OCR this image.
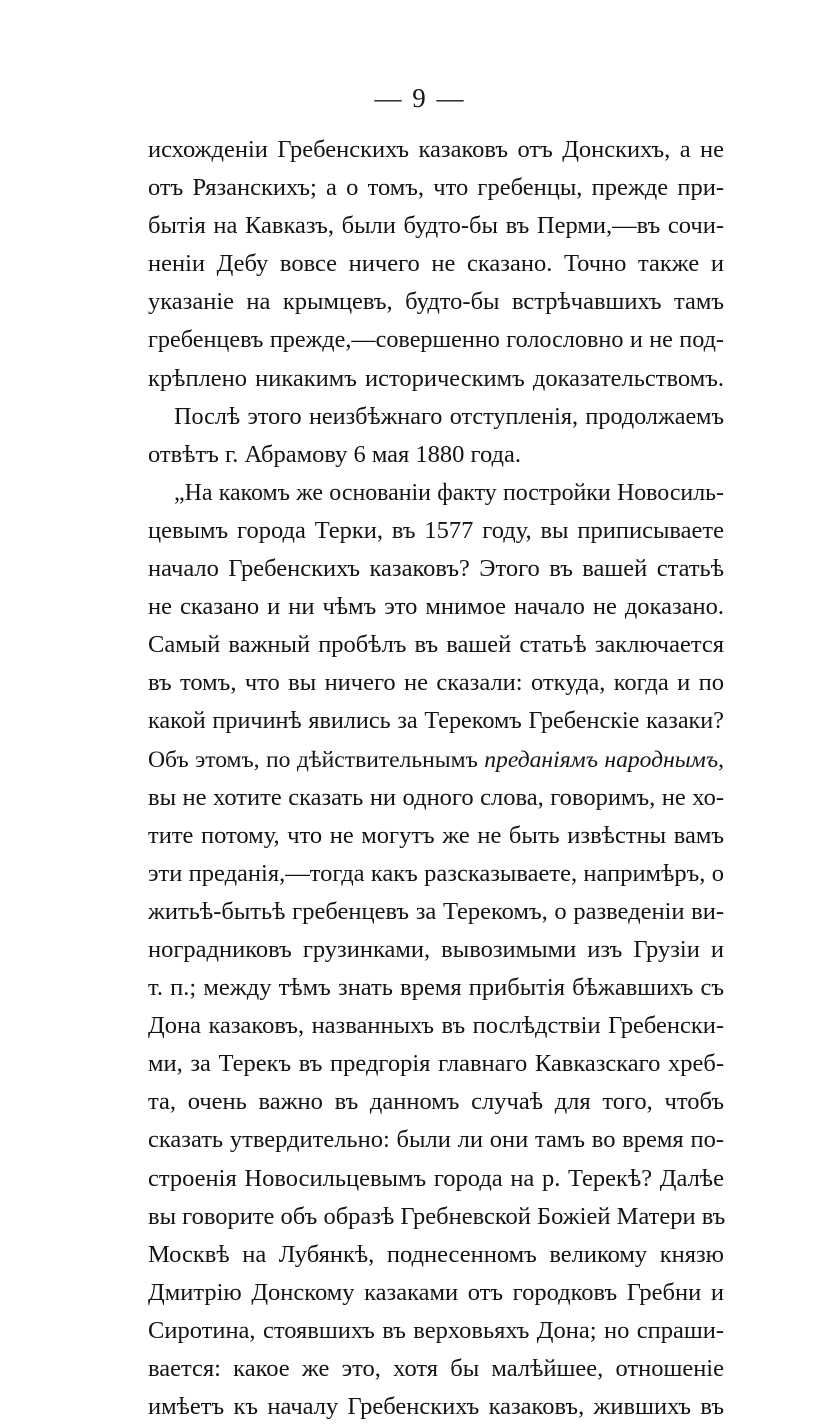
— 9 —
исхожденіи Гребенскихъ казаковъ отъ Донскихъ, а не
отъ Рязанскихъ; а о томъ, что гребенцы, прежде при-
бытія на Кавказъ, были будто-бы въ Перми,—въ сочи-
неніи Дебу вовсе ничего не сказано. Точно также и
указаніе на крымцевъ, будто-бы встрѣчавшихъ тамъ
гребенцевъ прежде,—совершенно голословно и не под-
крѣплено никакимъ историческимъ доказательствомъ.
Послѣ этого неизбѣжнаго отступленія, продолжаемъ
отвѣтъ г. Абрамову 6 мая 1880 года.
„На какомъ же основаніи факту постройки Новосиль-
цевымъ города Терки, въ 1577 году, вы приписываете
начало Гребенскихъ казаковъ? Этого въ вашей статьѣ
не сказано и ни чѣмъ это мнимое начало не доказано.
Самый важный пробѣлъ въ вашей статьѣ заключается
въ томъ, что вы ничего не сказали: откуда, когда и по
какой причинѣ явились за Терекомъ Гребенскіе казаки?
Объ этомъ, по дѣйствительнымъ преданіямъ народнымъ,
вы не хотите сказать ни одного слова, говоримъ, не хо-
тите потому, что не могутъ же не быть извѣстны вамъ
эти преданія,—тогда какъ разсказываете, напримѣръ, о
житьѣ-бытьѣ гребенцевъ за Терекомъ, о разведеніи ви-
ноградниковъ грузинками, вывозимыми изъ Грузіи и
т. п.; между тѣмъ знать время прибытія бѣжавшихъ съ
Дона казаковъ, названныхъ въ послѣдствіи Гребенски-
ми, за Терекъ въ предгорія главнаго Кавказскаго хреб-
та, очень важно въ данномъ случаѣ для того, чтобъ
сказать утвердительно: были ли они тамъ во время по-
строенія Новосильцевымъ города на р. Терекѣ? Далѣе
вы говорите объ образѣ Гребневской Божіей Матери въ
Москвѣ на Лубянкѣ, поднесенномъ великому князю
Дмитрію Донскому казаками отъ городковъ Гребни и
Сиротина, стоявшихъ въ верховьяхъ Дона; но спраши-
вается: какое же это, хотя бы малѣйшее, отношеніе
имѣетъ къ началу Гребенскихъ казаковъ, жившихъ въ
